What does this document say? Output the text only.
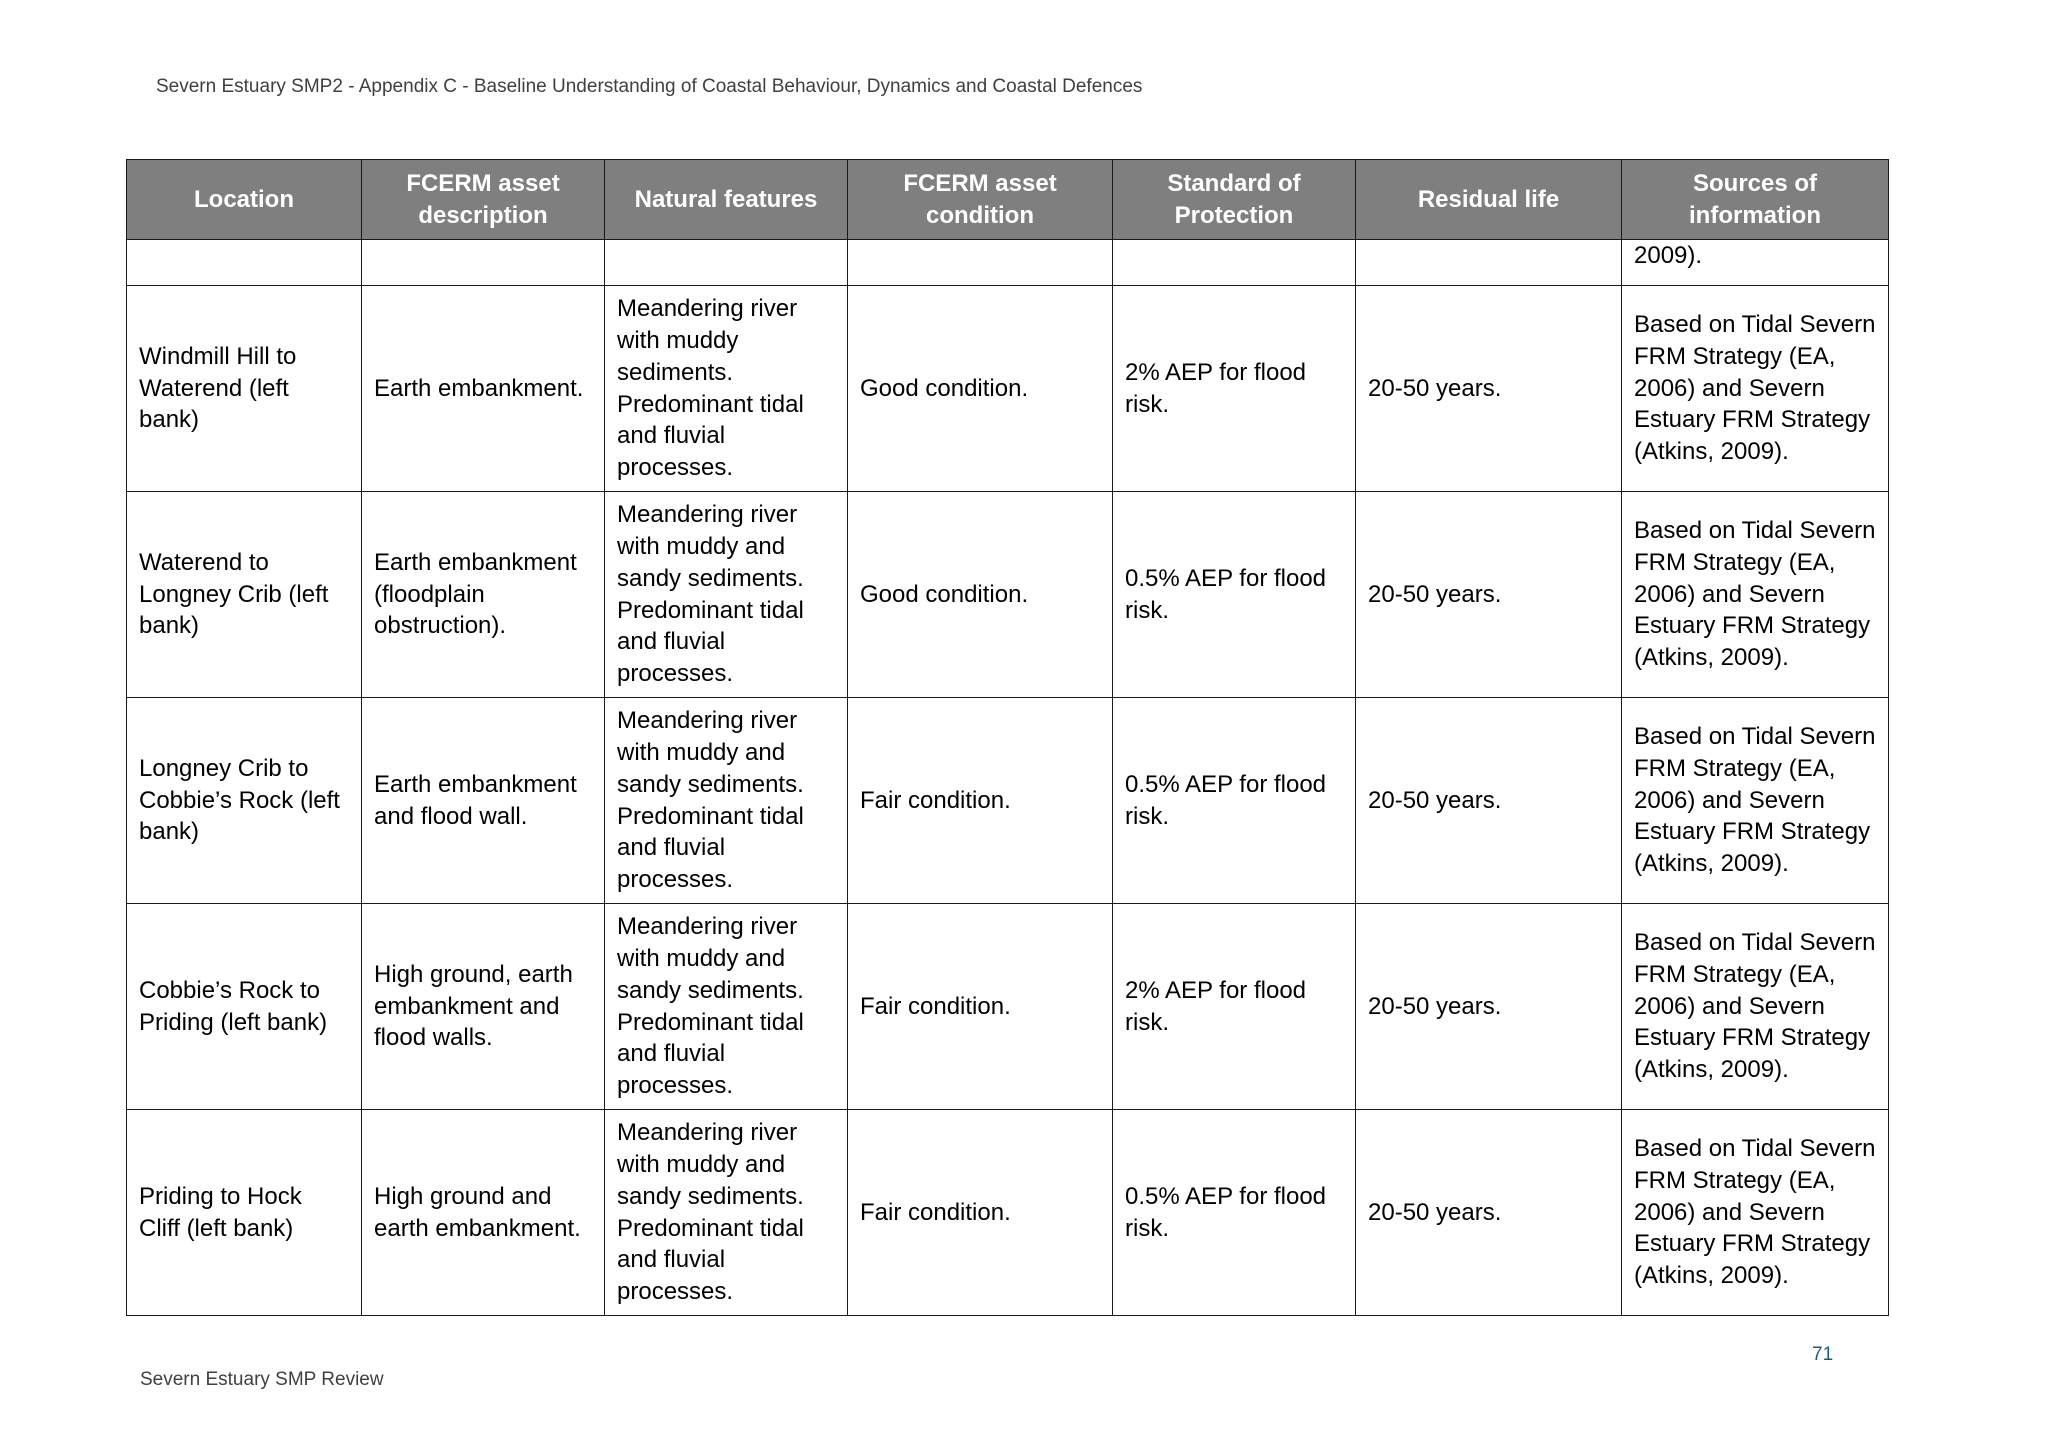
Severn Estuary SMP2 - Appendix C - Baseline Understanding of Coastal Behaviour, Dynamics and Coastal Defences
Location	FCERM asset description	Natural features	FCERM asset condition	Standard of Protection	Residual life	Sources of information
						2009).
Windmill Hill to Waterend (left bank)	Earth embankment.	Meandering river with muddy sediments. Predominant tidal and fluvial processes.	Good condition.	2% AEP for flood risk.	20-50 years.	Based on Tidal Severn FRM Strategy (EA, 2006) and Severn Estuary FRM Strategy (Atkins, 2009).
Waterend to Longney Crib (left bank)	Earth embankment (floodplain obstruction).	Meandering river with muddy and sandy sediments. Predominant tidal and fluvial processes.	Good condition.	0.5% AEP for flood risk.	20-50 years.	Based on Tidal Severn FRM Strategy (EA, 2006) and Severn Estuary FRM Strategy (Atkins, 2009).
Longney Crib to Cobbie’s Rock (left bank)	Earth embankment and flood wall.	Meandering river with muddy and sandy sediments. Predominant tidal and fluvial processes.	Fair condition.	0.5% AEP for flood risk.	20-50 years.	Based on Tidal Severn FRM Strategy (EA, 2006) and Severn Estuary FRM Strategy (Atkins, 2009).
Cobbie’s Rock to Priding (left bank)	High ground, earth embankment and flood walls.	Meandering river with muddy and sandy sediments. Predominant tidal and fluvial processes.	Fair condition.	2% AEP for flood risk.	20-50 years.	Based on Tidal Severn FRM Strategy (EA, 2006) and Severn Estuary FRM Strategy (Atkins, 2009).
Priding to Hock Cliff (left bank)	High ground and earth embankment.	Meandering river with muddy and sandy sediments. Predominant tidal and fluvial processes.	Fair condition.	0.5% AEP for flood risk.	20-50 years.	Based on Tidal Severn FRM Strategy (EA, 2006) and Severn Estuary FRM Strategy (Atkins, 2009).
71
Severn Estuary SMP Review
